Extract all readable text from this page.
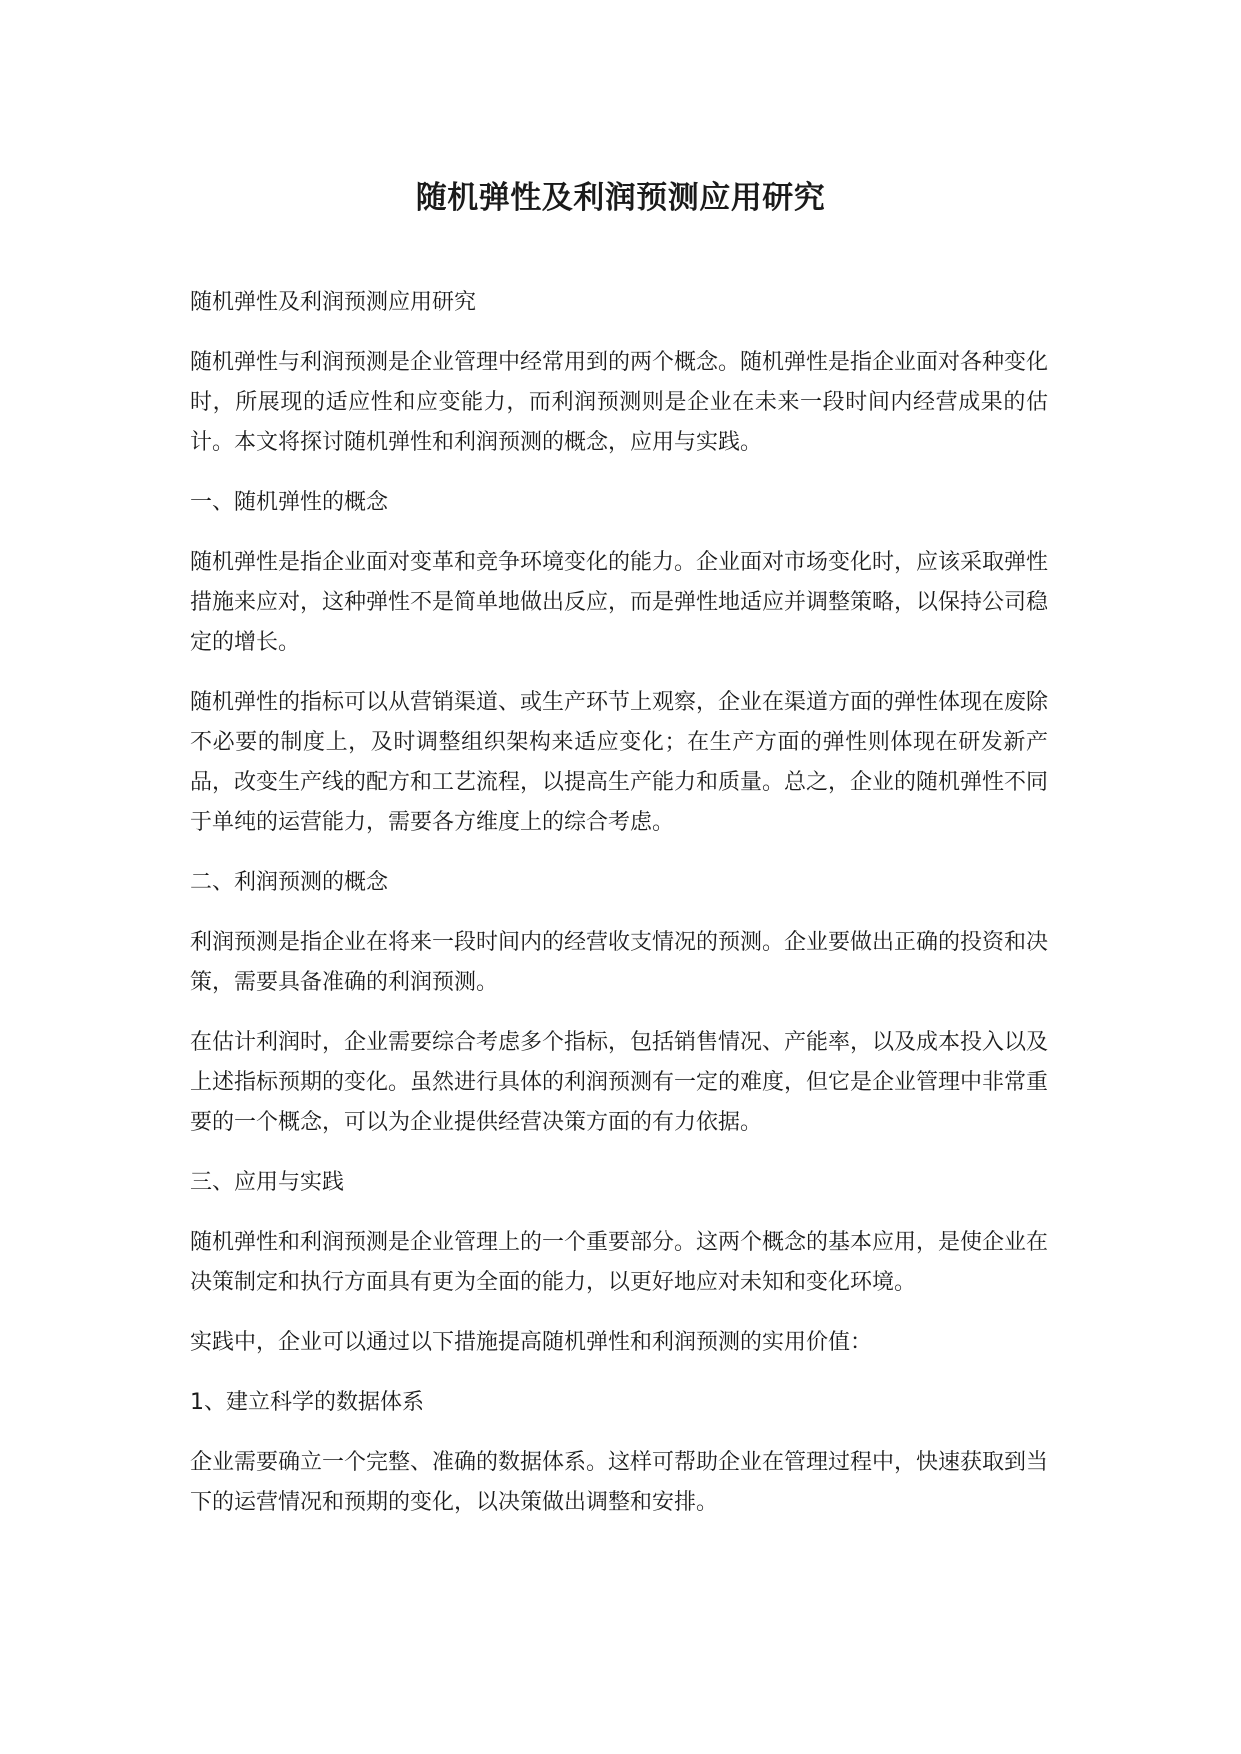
随机弹性及利润预测应用研究

随机弹性及利润预测应用研究

随机弹性与利润预测是企业管理中经常用到的两个概念。随机弹性是指企业面对各种变化时，所展现的适应性和应变能力，而利润预测则是企业在未来一段时间内经营成果的估计。本文将探讨随机弹性和利润预测的概念，应用与实践。

一、随机弹性的概念

随机弹性是指企业面对变革和竞争环境变化的能力。企业面对市场变化时，应该采取弹性措施来应对，这种弹性不是简单地做出反应，而是弹性地适应并调整策略，以保持公司稳定的增长。

随机弹性的指标可以从营销渠道、或生产环节上观察，企业在渠道方面的弹性体现在废除不必要的制度上，及时调整组织架构来适应变化；在生产方面的弹性则体现在研发新产品，改变生产线的配方和工艺流程，以提高生产能力和质量。总之，企业的随机弹性不同于单纯的运营能力，需要各方维度上的综合考虑。

二、利润预测的概念

利润预测是指企业在将来一段时间内的经营收支情况的预测。企业要做出正确的投资和决策，需要具备准确的利润预测。

在估计利润时，企业需要综合考虑多个指标，包括销售情况、产能率，以及成本投入以及上述指标预期的变化。虽然进行具体的利润预测有一定的难度，但它是企业管理中非常重要的一个概念，可以为企业提供经营决策方面的有力依据。

三、应用与实践

随机弹性和利润预测是企业管理上的一个重要部分。这两个概念的基本应用，是使企业在决策制定和执行方面具有更为全面的能力，以更好地应对未知和变化环境。

实践中，企业可以通过以下措施提高随机弹性和利润预测的实用价值：

1、建立科学的数据体系

企业需要确立一个完整、准确的数据体系。这样可帮助企业在管理过程中，快速获取到当下的运营情况和预期的变化，以决策做出调整和安排。
